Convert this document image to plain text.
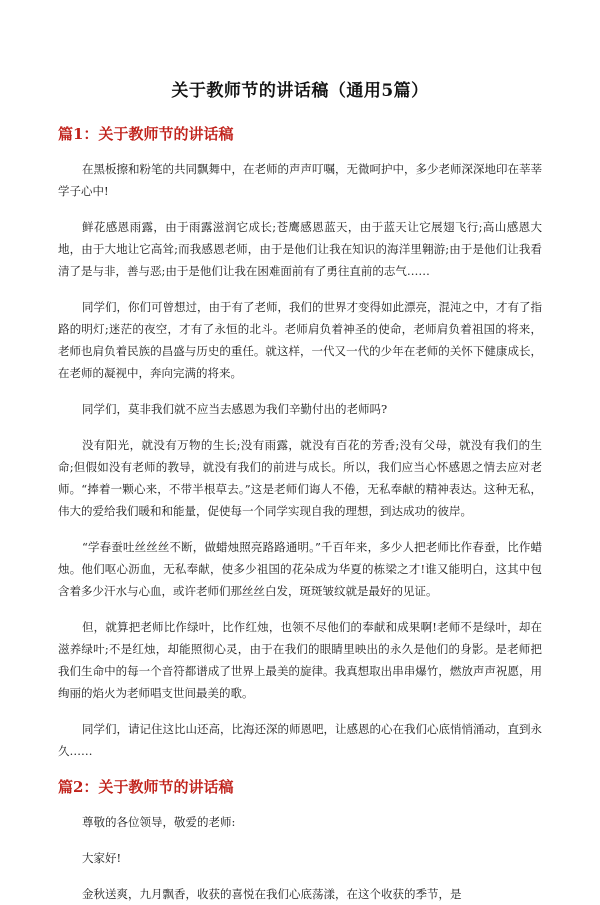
关于教师节的讲话稿（通用5篇）
篇1：关于教师节的讲话稿

在黑板擦和粉笔的共同飘舞中，在老师的声声叮嘱，无微呵护中，多少老师深深地印在莘莘学子心中!

鲜花感恩雨露，由于雨露滋润它成长;苍鹰感恩蓝天，由于蓝天让它展翅飞行;高山感恩大地，由于大地让它高耸;而我感恩老师，由于是他们让我在知识的海洋里翱游;由于是他们让我看清了是与非，善与恶;由于是他们让我在困难面前有了勇往直前的志气……

同学们，你们可曾想过，由于有了老师，我们的世界才变得如此漂亮，混沌之中，才有了指路的明灯;迷茫的夜空，才有了永恒的北斗。老师肩负着神圣的使命，老师肩负着祖国的将来，老师也肩负着民族的昌盛与历史的重任。就这样，一代又一代的少年在老师的关怀下健康成长，在老师的凝视中，奔向完满的将来。

同学们，莫非我们就不应当去感恩为我们辛勤付出的老师吗?

没有阳光，就没有万物的生长;没有雨露，就没有百花的芳香;没有父母，就没有我们的生命;但假如没有老师的教导，就没有我们的前进与成长。所以，我们应当心怀感恩之情去应对老师。“捧着一颗心来，不带半根草去。”这是老师们诲人不倦，无私奉献的精神表达。这种无私，伟大的爱给我们暖和和能量，促使每一个同学实现自我的理想，到达成功的彼岸。

“学春蚕吐丝丝丝不断，做蜡烛照亮路路通明。”千百年来，多少人把老师比作春蚕，比作蜡烛。他们呕心沥血，无私奉献，使多少祖国的花朵成为华夏的栋梁之才!谁又能明白，这其中包含着多少汗水与心血，或许老师们那丝丝白发，斑斑皱纹就是最好的见证。

但，就算把老师比作绿叶，比作红烛，也领不尽他们的奉献和成果啊!老师不是绿叶，却在滋养绿叶;不是红烛，却能照彻心灵，由于在我们的眼睛里映出的永久是他们的身影。是老师把我们生命中的每一个音符都谱成了世界上最美的旋律。我真想取出串串爆竹，燃放声声祝愿，用绚丽的焰火为老师唱支世间最美的歌。

同学们，请记住这比山还高，比海还深的师恩吧，让感恩的心在我们心底悄悄涌动，直到永久……

篇2：关于教师节的讲话稿

尊敬的各位领导，敬爱的老师:

大家好!

金秋送爽，九月飘香，收获的喜悦在我们心底荡漾，在这个收获的季节，是
